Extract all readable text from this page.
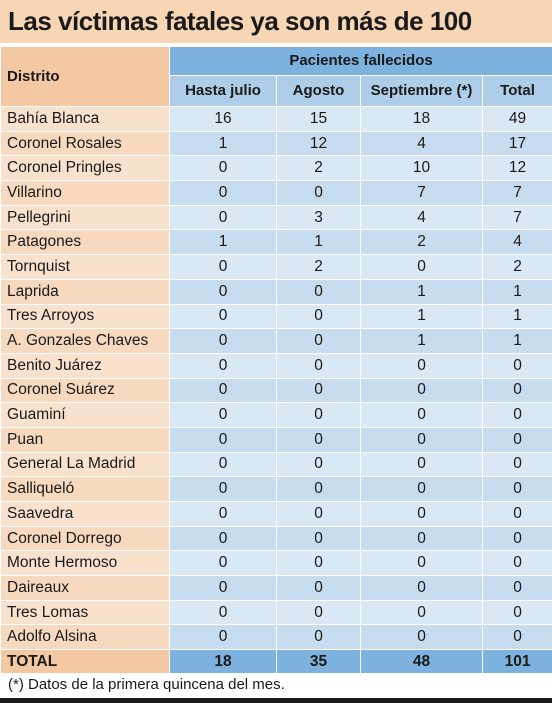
Las víctimas fatales ya son más de 100
Distrito	Pacientes fallecidos			
	Hasta julio	Agosto	Septiembre (*)	Total
Bahía Blanca	16	15	18	49
Coronel Rosales	1	12	4	17
Coronel Pringles	0	2	10	12
Villarino	0	0	7	7
Pellegrini	0	3	4	7
Patagones	1	1	2	4
Tornquist	0	2	0	2
Laprida	0	0	1	1
Tres Arroyos	0	0	1	1
A. Gonzales Chaves	0	0	1	1
Benito Juárez	0	0	0	0
Coronel Suárez	0	0	0	0
Guaminí	0	0	0	0
Puan	0	0	0	0
General La Madrid	0	0	0	0
Salliqueló	0	0	0	0
Saavedra	0	0	0	0
Coronel Dorrego	0	0	0	0
Monte Hermoso	0	0	0	0
Daireaux	0	0	0	0
Tres Lomas	0	0	0	0
Adolfo Alsina	0	0	0	0
TOTAL	18	35	48	101
(*) Datos de la primera quincena del mes.
